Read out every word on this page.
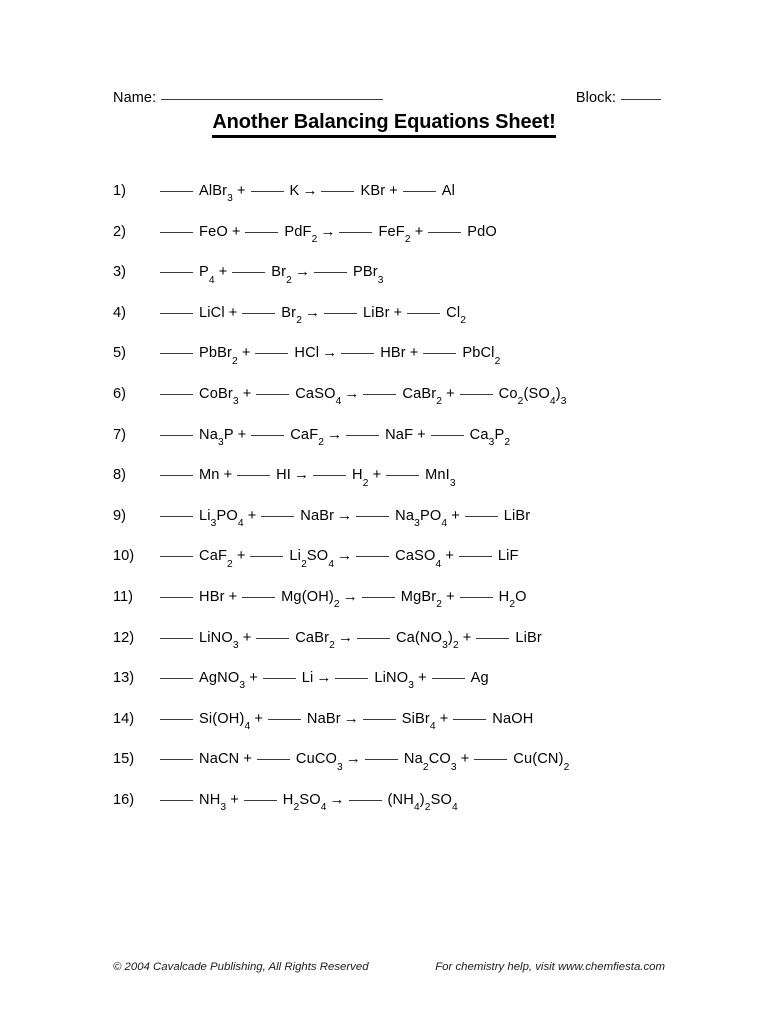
Name:	Block:
Another Balancing Equations Sheet!
1)	AlBr$_3$ +	K →	KBr +	Al
2)	FeO +	PdF$_2$ →	FeF$_2$ +	PdO
3)	$P_4$ +	$Br_2$ →	PBr$_3$
4)	LiCl +	$Br_2$ →	LiBr +	$Cl_2$
5)	PbBr$_2$ +	HCl →	HBr +	PbCl$_2$
6)	CoBr$_3$ +	CaSO$_4$ →	CaBr$_2$ +	$Co_2(SO_4)_3$
7)	$Na_3P$ +	CaF$_2$ →	NaF +	$Ca_3P_2$
8)	Mn +	HI →	$H_2$ +	MnI$_3$
9)	$Li_3PO_4$ +	NaBr →	$Na_3PO_4$ +	LiBr
10)	CaF$_2$ +	$Li_2SO_4$ →	CaSO$_4$ +	LiF
11)	HBr +	$Mg(OH)_2$ →	MgBr$_2$ +	$H_2O$
12)	LiNO$_3$ +	CaBr$_2$ →	$Ca(NO_3)_2$ +	LiBr
13)	AgNO$_3$ +	Li →	LiNO$_3$ +	Ag
14)	$Si(OH)_4$ +	NaBr →	SiBr$_4$ +	NaOH
15)	NaCN +	CuCO$_3$ →	$Na_2CO_3$ +	$Cu(CN)_2$
16)	$NH_3$ +	$H_2SO_4$ →	$(NH_4)_2SO_4$
© 2004 Cavalcade Publishing, All Rights Reserved	For chemistry help, visit www.chemfiesta.com
